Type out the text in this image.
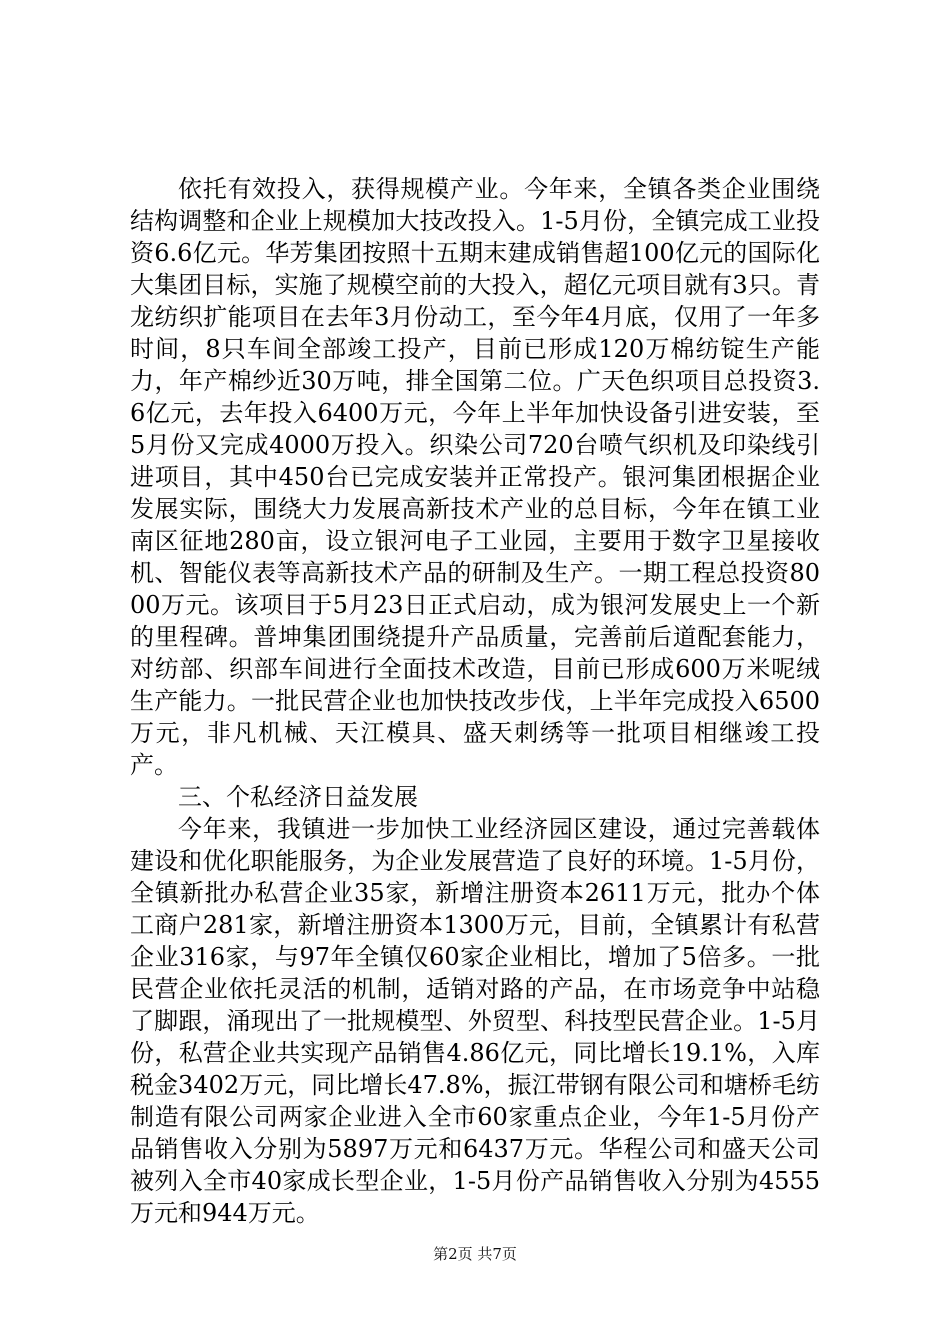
依托有效投入，获得规模产业。今年来，全镇各类企业围绕结构调整和企业上规模加大技改投入。1-5月份，全镇完成工业投资6.6亿元。华芳集团按照十五期末建成销售超100亿元的国际化大集团目标，实施了规模空前的大投入，超亿元项目就有3只。青龙纺织扩能项目在去年3月份动工，至今年4月底，仅用了一年多时间，8只车间全部竣工投产，目前已形成120万棉纺锭生产能力，年产棉纱近30万吨，排全国第二位。广天色织项目总投资3.6亿元，去年投入6400万元，今年上半年加快设备引进安装，至5月份又完成4000万投入。织染公司720台喷气织机及印染线引进项目，其中450台已完成安装并正常投产。银河集团根据企业发展实际，围绕大力发展高新技术产业的总目标，今年在镇工业南区征地280亩，设立银河电子工业园，主要用于数字卫星接收机、智能仪表等高新技术产品的研制及生产。一期工程总投资8000万元。该项目于5月23日正式启动，成为银河发展史上一个新的里程碑。普坤集团围绕提升产品质量，完善前后道配套能力，对纺部、织部车间进行全面技术改造，目前已形成600万米呢绒生产能力。一批民营企业也加快技改步伐，上半年完成投入6500万元，非凡机械、天江模具、盛天刺绣等一批项目相继竣工投产。

三、个私经济日益发展

今年来，我镇进一步加快工业经济园区建设，通过完善载体建设和优化职能服务，为企业发展营造了良好的环境。1-5月份，全镇新批办私营企业35家，新增注册资本2611万元，批办个体工商户281家，新增注册资本1300万元，目前，全镇累计有私营企业316家，与97年全镇仅60家企业相比，增加了5倍多。一批民营企业依托灵活的机制，适销对路的产品，在市场竞争中站稳了脚跟，涌现出了一批规模型、外贸型、科技型民营企业。1-5月份，私营企业共实现产品销售4.86亿元，同比增长19.1%，入库税金3402万元，同比增长47.8%，振江带钢有限公司和塘桥毛纺制造有限公司两家企业进入全市60家重点企业，今年1-5月份产品销售收入分别为5897万元和6437万元。华程公司和盛天公司被列入全市40家成长型企业，1-5月份产品销售收入分别为4555万元和944万元。

第2页 共7页
